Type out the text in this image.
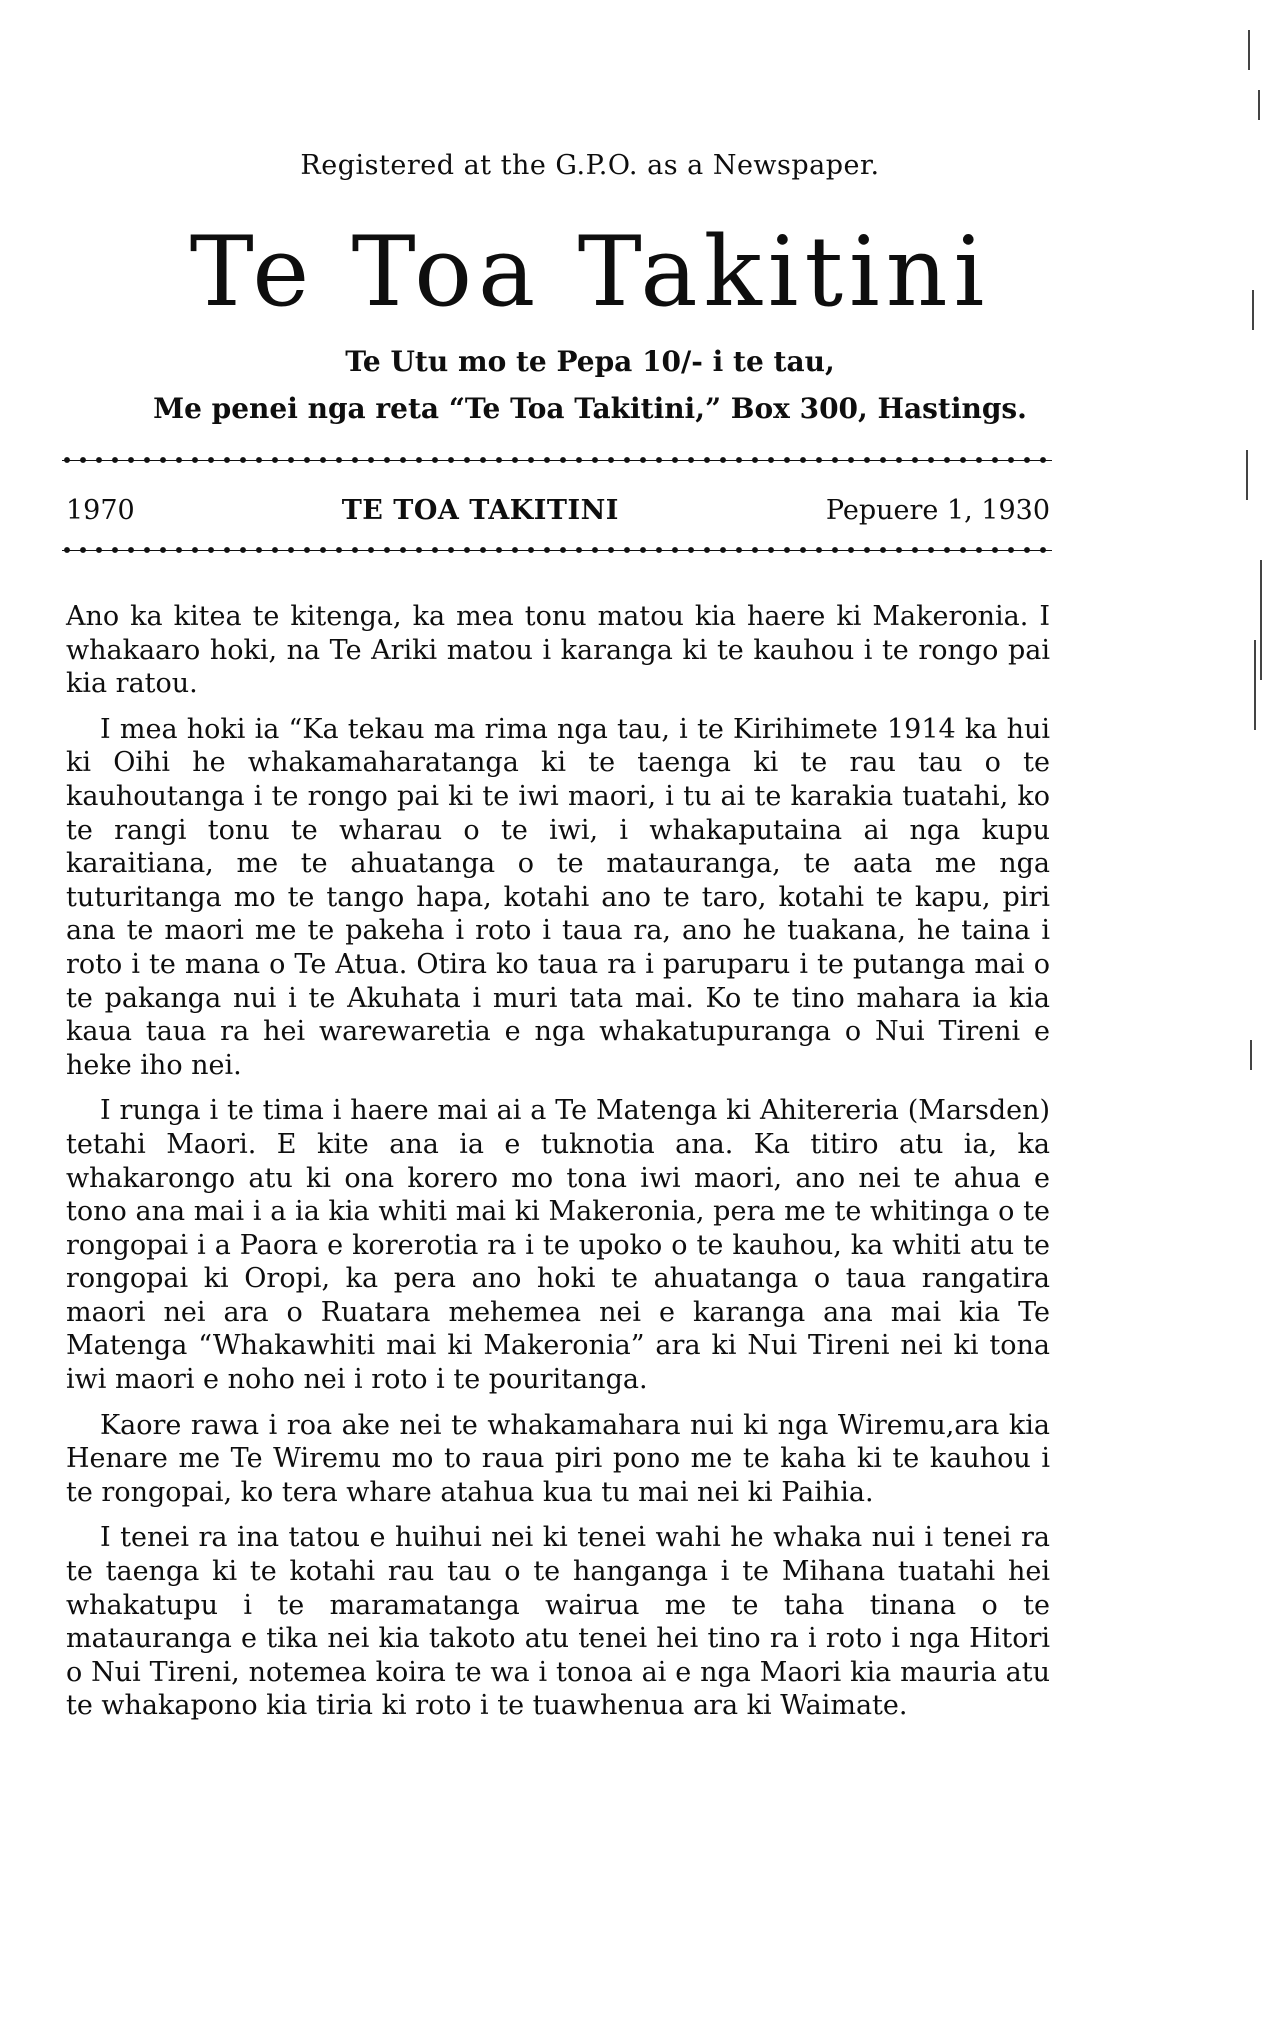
Registered at the G.P.O. as a Newspaper.
Te Toa Takitini
Te Utu mo te Pepa 10/- i te tau,
Me penei nga reta “Te Toa Takitini,” Box 300, Hastings.
1970	TE TOA TAKITINI	Pepuere 1, 1930

Ano ka kitea te kitenga, ka mea tonu matou kia haere ki Makeronia. I whakaaro hoki, na Te Ariki matou i karanga ki te kauhou i te rongo pai kia ratou.

I mea hoki ia “Ka tekau ma rima nga tau, i te Kirihimete 1914 ka hui ki Oihi he whakamaharatanga ki te taenga ki te rau tau o te kauhoutanga i te rongo pai ki te iwi maori, i tu ai te karakia tuatahi, ko te rangi tonu te wharau o te iwi, i whakaputaina ai nga kupu karaitiana, me te ahuatanga o te matauranga, te aata me nga tuturitanga mo te tango hapa, kotahi ano te taro, kotahi te kapu, piri ana te maori me te pakeha i roto i taua ra, ano he tuakana, he taina i roto i te mana o Te Atua. Otira ko taua ra i paruparu i te putanga mai o te pakanga nui i te Akuhata i muri tata mai. Ko te tino mahara ia kia kaua taua ra hei warewaretia e nga whakatupuranga o Nui Tireni e heke iho nei.

I runga i te tima i haere mai ai a Te Matenga ki Ahitereria (Marsden) tetahi Maori. E kite ana ia e tuknotia ana. Ka titiro atu ia, ka whakarongo atu ki ona korero mo tona iwi maori, ano nei te ahua e tono ana mai i a ia kia whiti mai ki Makeronia, pera me te whitinga o te rongopai i a Paora e korerotia ra i te upoko o te kauhou, ka whiti atu te rongopai ki Oropi, ka pera ano hoki te ahuatanga o taua rangatira maori nei ara o Ruatara mehemea nei e karanga ana mai kia Te Matenga “Whakawhiti mai ki Makeronia” ara ki Nui Tireni nei ki tona iwi maori e noho nei i roto i te pouritanga.

Kaore rawa i roa ake nei te whakamahara nui ki nga Wiremu,ara kia Henare me Te Wiremu mo to raua piri pono me te kaha ki te kauhou i te rongopai, ko tera whare atahua kua tu mai nei ki Paihia.

I tenei ra ina tatou e huihui nei ki tenei wahi he whaka nui i tenei ra te taenga ki te kotahi rau tau o te hanganga i te Mihana tuatahi hei whakatupu i te maramatanga wairua me te taha tinana o te matauranga e tika nei kia takoto atu tenei hei tino ra i roto i nga Hitori o Nui Tireni, notemea koira te wa i tonoa ai e nga Maori kia mauria atu te whakapono kia tiria ki roto i te tuawhenua ara ki Waimate.
